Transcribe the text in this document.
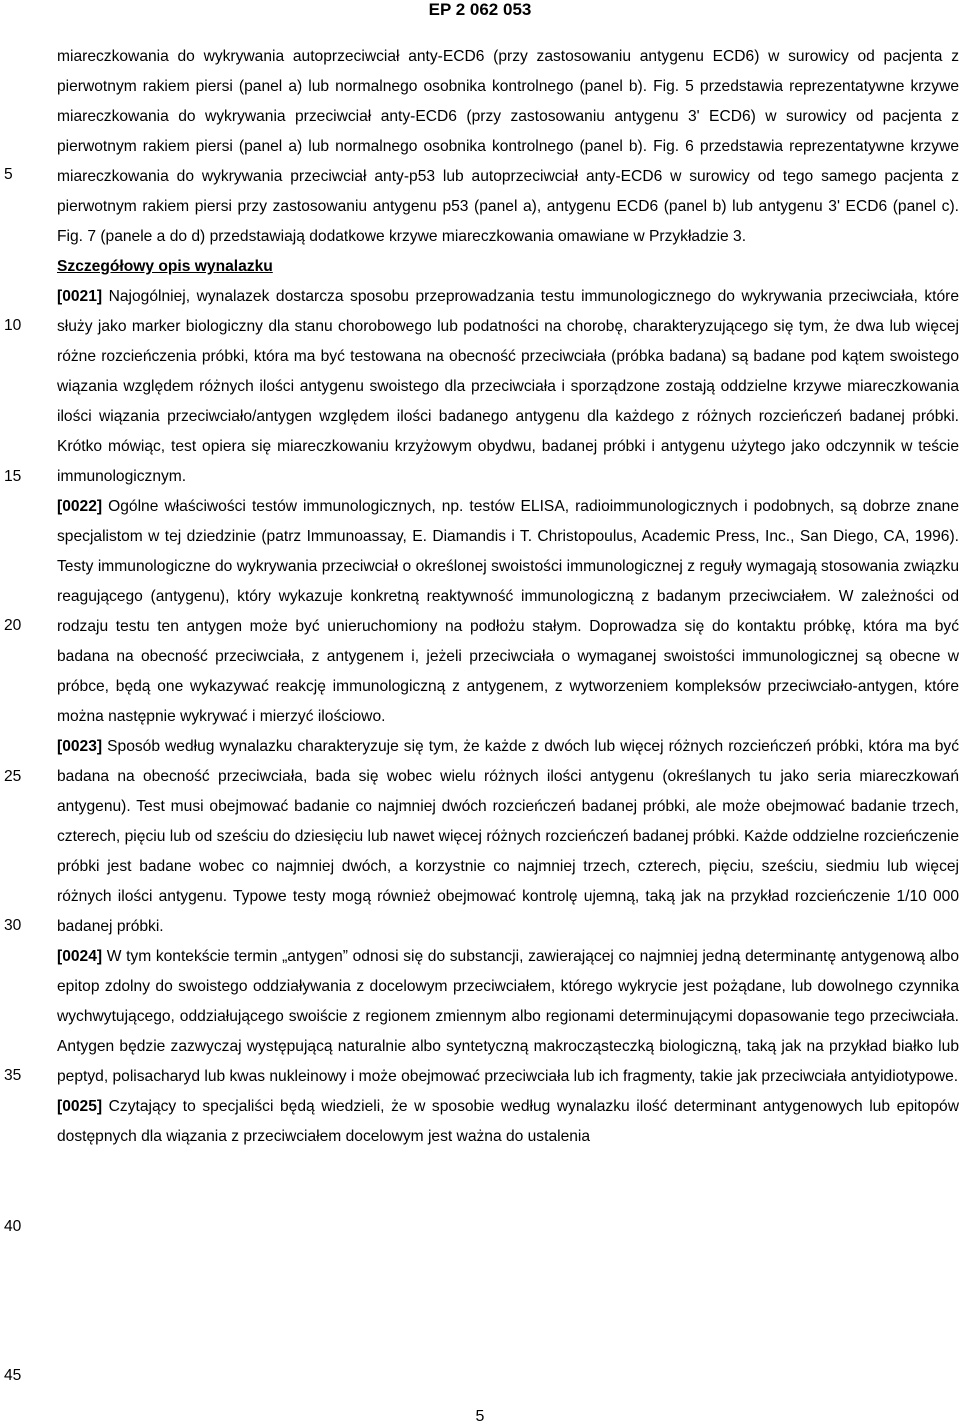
EP 2 062 053
5
10
15
20
25
30
35
40
45

miareczkowania do wykrywania autoprzeciwciał anty-ECD6 (przy zastosowaniu antygenu ECD6) w surowicy od pacjenta z pierwotnym rakiem piersi (panel a) lub normalnego osobnika kontrolnego (panel b). Fig. 5 przedstawia reprezentatywne krzywe miareczkowania do wykrywania przeciwciał anty-ECD6 (przy zastosowaniu antygenu 3' ECD6) w surowicy od pacjenta z pierwotnym rakiem piersi (panel a) lub normalnego osobnika kontrolnego (panel b). Fig. 6 przedstawia reprezentatywne krzywe miareczkowania do wykrywania przeciwciał anty-p53 lub autoprzeciwciał anty-ECD6 w surowicy od tego samego pacjenta z pierwotnym rakiem piersi przy zastosowaniu antygenu p53 (panel a), antygenu ECD6 (panel b) lub antygenu 3' ECD6 (panel c). Fig. 7 (panele a do d) przedstawiają dodatkowe krzywe miareczkowania omawiane w Przykładzie 3.

Szczegółowy opis wynalazku

[0021] Najogólniej, wynalazek dostarcza sposobu przeprowadzania testu immunologicznego do wykrywania przeciwciała, które służy jako marker biologiczny dla stanu chorobowego lub podatności na chorobę, charakteryzującego się tym, że dwa lub więcej różne rozcieńczenia próbki, która ma być testowana na obecność przeciwciała (próbka badana) są badane pod kątem swoistego wiązania względem różnych ilości antygenu swoistego dla przeciwciała i sporządzone zostają oddzielne krzywe miareczkowania ilości wiązania przeciwciało/antygen względem ilości badanego antygenu dla każdego z różnych rozcieńczeń badanej próbki. Krótko mówiąc, test opiera się miareczkowaniu krzyżowym obydwu, badanej próbki i antygenu użytego jako odczynnik w teście immunologicznym.

[0022] Ogólne właściwości testów immunologicznych, np. testów ELISA, radioimmunologicznych i podobnych, są dobrze znane specjalistom w tej dziedzinie (patrz Immunoassay, E. Diamandis i T. Christopoulus, Academic Press, Inc., San Diego, CA, 1996). Testy immunologiczne do wykrywania przeciwciał o określonej swoistości immunologicznej z reguły wymagają stosowania związku reagującego (antygenu), który wykazuje konkretną reaktywność immunologiczną z badanym przeciwciałem. W zależności od rodzaju testu ten antygen może być unieruchomiony na podłożu stałym. Doprowadza się do kontaktu próbkę, która ma być badana na obecność przeciwciała, z antygenem i, jeżeli przeciwciała o wymaganej swoistości immunologicznej są obecne w próbce, będą one wykazywać reakcję immunologiczną z antygenem, z wytworzeniem kompleksów przeciwciało-antygen, które można następnie wykrywać i mierzyć ilościowo.

[0023] Sposób według wynalazku charakteryzuje się tym, że każde z dwóch lub więcej różnych rozcieńczeń próbki, która ma być badana na obecność przeciwciała, bada się wobec wielu różnych ilości antygenu (określanych tu jako seria miareczkowań antygenu). Test musi obejmować badanie co najmniej dwóch rozcieńczeń badanej próbki, ale może obejmować badanie trzech, czterech, pięciu lub od sześciu do dziesięciu lub nawet więcej różnych rozcieńczeń badanej próbki. Każde oddzielne rozcieńczenie próbki jest badane wobec co najmniej dwóch, a korzystnie co najmniej trzech, czterech, pięciu, sześciu, siedmiu lub więcej różnych ilości antygenu. Typowe testy mogą również obejmować kontrolę ujemną, taką jak na przykład rozcieńczenie 1/10 000 badanej próbki.

[0024] W tym kontekście termin „antygen” odnosi się do substancji, zawierającej co najmniej jedną determinantę antygenową albo epitop zdolny do swoistego oddziaływania z docelowym przeciwciałem, którego wykrycie jest pożądane, lub dowolnego czynnika wychwytującego, oddziałującego swoiście z regionem zmiennym albo regionami determinującymi dopasowanie tego przeciwciała. Antygen będzie zazwyczaj występującą naturalnie albo syntetyczną makrocząsteczką biologiczną, taką jak na przykład białko lub peptyd, polisacharyd lub kwas nukleinowy i może obejmować przeciwciała lub ich fragmenty, takie jak przeciwciała antyidiotypowe.

[0025] Czytający to specjaliści będą wiedzieli, że w sposobie według wynalazku ilość determinant antygenowych lub epitopów dostępnych dla wiązania z przeciwciałem docelowym jest ważna do ustalenia

5
